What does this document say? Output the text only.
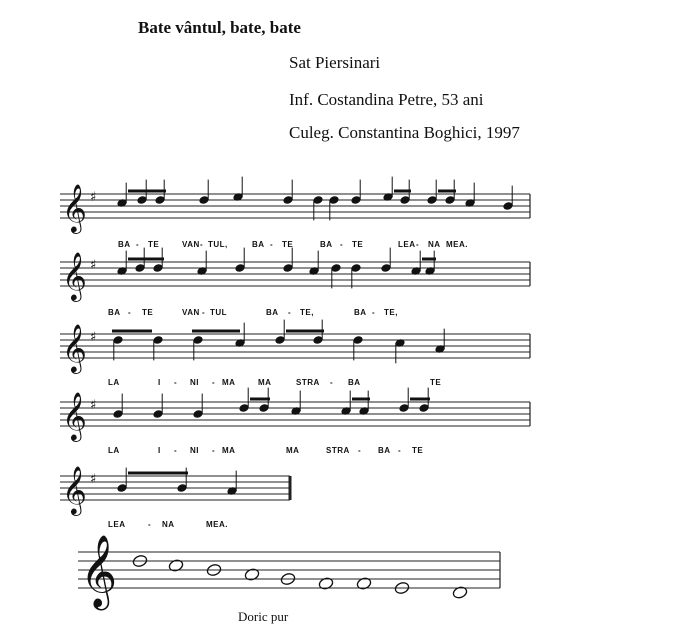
Bate vântul, bate, bate
Sat Piersinari
Inf. Costandina Petre, 53 ani
Culeg. Constantina Boghici, 1997
𝄞 ♯
𝄞 ♯
𝄞 ♯
𝄞 ♯
𝄞 ♯
𝄞
BA - TE	VAN - TUL,	BA - TE	BA - TE	LEA - NA MEA.
BA - TE	VAN - TUL	BA - TE,	BA - TE,
LA	I - NI - MA	MA	STRA - BA	TE
LA	I - NI - MA	MA	STRA - BA - TE
LEA	- NA	MEA.
Doric pur
